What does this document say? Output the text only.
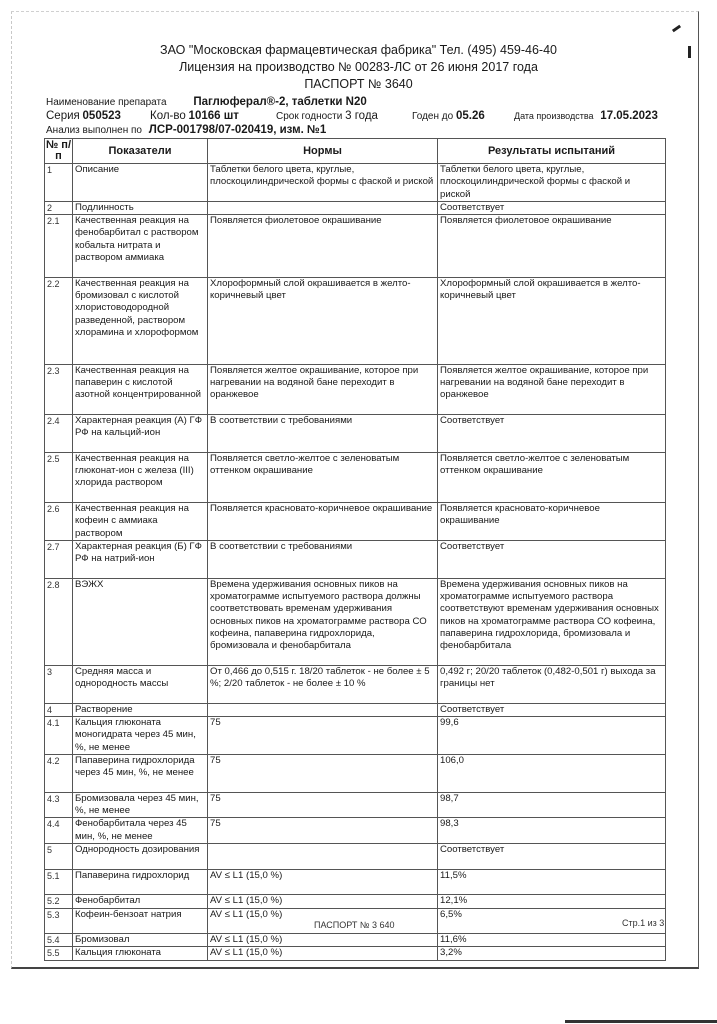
ЗАО "Московская фармацевтическая фабрика" Тел. (495) 459-46-40
Лицензия на производство № 00283-ЛС от 26 июня 2017 года
ПАСПОРТ № 3640
Наименование препарата Паглюферал®-2, таблетки N20
Серия 050523	Кол-во 10166 шт	Срок годности 3 года	Годен до 05.26	Дата производства 17.05.2023
Анализ выполнен по ЛСР-001798/07-020419, изм. №1
№ п/п	Показатели	Нормы	Результаты испытаний
1	Описание	Таблетки белого цвета, круглые, плоскоцилиндрической формы с фаской и риской	Таблетки белого цвета, круглые, плоскоцилиндрической формы с фаской и риской
2	Подлинность		Соответствует
2.1	Качественная реакция на фенобарбитал с раствором кобальта нитрата и раствором аммиака	Появляется фиолетовое окрашивание	Появляется фиолетовое окрашивание
2.2	Качественная реакция на бромизовал с кислотой хлористоводородной разведенной, раствором хлорамина и хлороформом	Хлороформный слой окрашивается в желто-коричневый цвет	Хлороформный слой окрашивается в желто-коричневый цвет
2.3	Качественная реакция на папаверин с кислотой азотной концентрированной	Появляется желтое окрашивание, которое при нагревании на водяной бане переходит в оранжевое	Появляется желтое окрашивание, которое при нагревании на водяной бане переходит в оранжевое
2.4	Характерная реакция (А) ГФ РФ на кальций-ион	В соответствии с требованиями	Соответствует
2.5	Качественная реакция на глюконат-ион с железа (III) хлорида раствором	Появляется светло-желтое с зеленоватым оттенком окрашивание	Появляется светло-желтое с зеленоватым оттенком окрашивание
2.6	Качественная реакция на кофеин с аммиака раствором	Появляется красновато-коричневое окрашивание	Появляется красновато-коричневое окрашивание
2.7	Характерная реакция (Б) ГФ РФ на натрий-ион	В соответствии с требованиями	Соответствует
2.8	ВЭЖХ	Времена удерживания основных пиков на хроматограмме испытуемого раствора должны соответствовать временам удерживания основных пиков на хроматограмме раствора СО кофеина, папаверина гидрохлорида, бромизовала и фенобарбитала	Времена удерживания основных пиков на хроматограмме испытуемого раствора соответствуют временам удерживания основных пиков на хроматограмме раствора СО кофеина, папаверина гидрохлорида, бромизовала и фенобарбитала
3	Средняя масса и однородность массы	От 0,466 до 0,515 г. 18/20 таблеток - не более ± 5 %; 2/20 таблеток - не более ± 10 %	0,492 г; 20/20 таблеток (0,482-0,501 г) выхода за границы нет
4	Растворение		Соответствует
4.1	Кальция глюконата моногидрата через 45 мин, %, не менее	75	99,6
4.2	Папаверина гидрохлорида через 45 мин, %, не менее	75	106,0
4.3	Бромизовала через 45 мин, %, не менее	75	98,7
4.4	Фенобарбитала через 45 мин, %, не менее	75	98,3
5	Однородность дозирования		Соответствует
5.1	Папаверина гидрохлорид	AV ≤ L1 (15,0 %)	11,5%
5.2	Фенобарбитал	AV ≤ L1 (15,0 %)	12,1%
5.3	Кофеин-бензоат натрия	AV ≤ L1 (15,0 %)	6,5%
5.4	Бромизовал	AV ≤ L1 (15,0 %)	11,6%
5.5	Кальция глюконата	AV ≤ L1 (15,0 %)	3,2%
ПАСПОРТ № 3 640	Стр.1 из 3
